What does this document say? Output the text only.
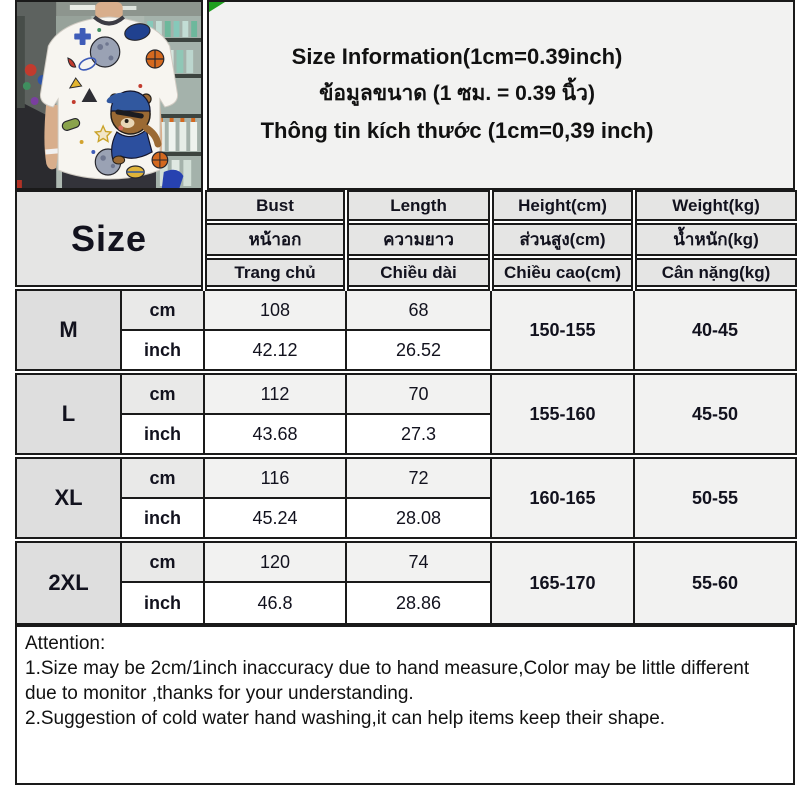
Size Information(1cm=0.39inch)
ข้อมูลขนาด (1 ซม. = 0.39 นิ้ว)
Thông tin kích thước (1cm=0,39 inch)
Size		Bust	Length	Height(cm)	Weight(kg)
		หน้าอก	ความยาว	ส่วนสูง(cm)	น้ำหนัก(kg)
		Trang chủ	Chiều dài	Chiều cao(cm)	Cân nặng(kg)
M	cm	108	68	150-155	40-45
	inch	42.12	26.52		
L	cm	112	70	155-160	45-50
	inch	43.68	27.3		
XL	cm	116	72	160-165	50-55
	inch	45.24	28.08		
2XL	cm	120	74	165-170	55-60
	inch	46.8	28.86		
Attention:
1.Size may be 2cm/1inch inaccuracy due to hand measure,Color may be little different due to monitor ,thanks for your understanding.
2.Suggestion of cold water hand washing,it can help items keep their shape.
